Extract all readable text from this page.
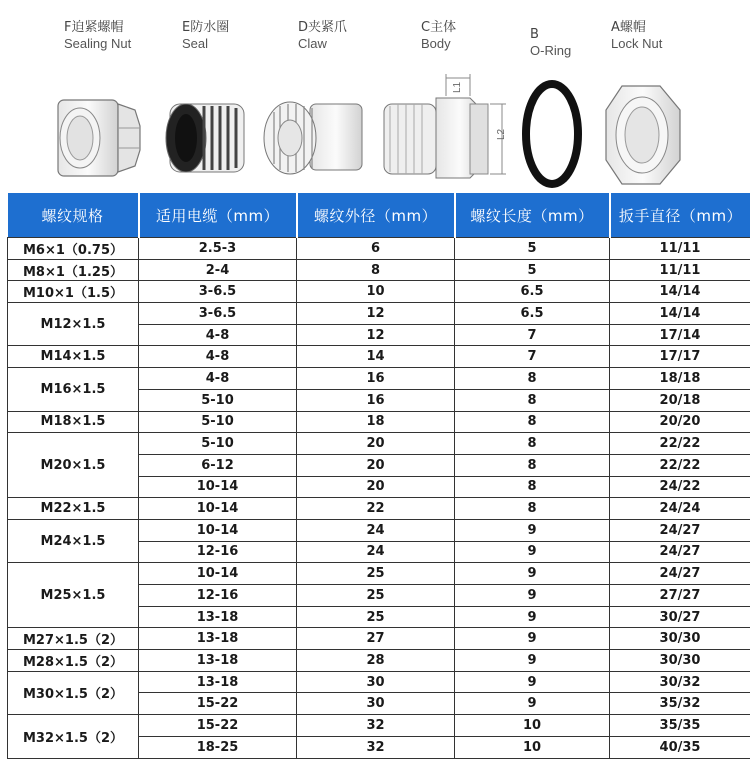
F迫紧螺帽
Sealing Nut
E防水圈
Seal
D夹紧爪
Claw
C主体
Body
B
O-Ring
A螺帽
Lock Nut
L1
L2
螺纹规格	适用电缆（mm）	螺纹外径（mm）	螺纹长度（mm）	扳手直径（mm）
M6×1（0.75）	2.5-3	6	5	11/11
M8×1（1.25）	2-4	8	5	11/11
M10×1（1.5）	3-6.5	10	6.5	14/14
M12×1.5	3-6.5	12	6.5	14/14
	4-8	12	7	17/14
M14×1.5	4-8	14	7	17/17
M16×1.5	4-8	16	8	18/18
	5-10	16	8	20/18
M18×1.5	5-10	18	8	20/20
M20×1.5	5-10	20	8	22/22
	6-12	20	8	22/22
	10-14	20	8	24/22
M22×1.5	10-14	22	8	24/24
M24×1.5	10-14	24	9	24/27
	12-16	24	9	24/27
M25×1.5	10-14	25	9	24/27
	12-16	25	9	27/27
	13-18	25	9	30/27
M27×1.5（2）	13-18	27	9	30/30
M28×1.5（2）	13-18	28	9	30/30
M30×1.5（2）	13-18	30	9	30/32
	15-22	30	9	35/32
M32×1.5（2）	15-22	32	10	35/35
	18-25	32	10	40/35
